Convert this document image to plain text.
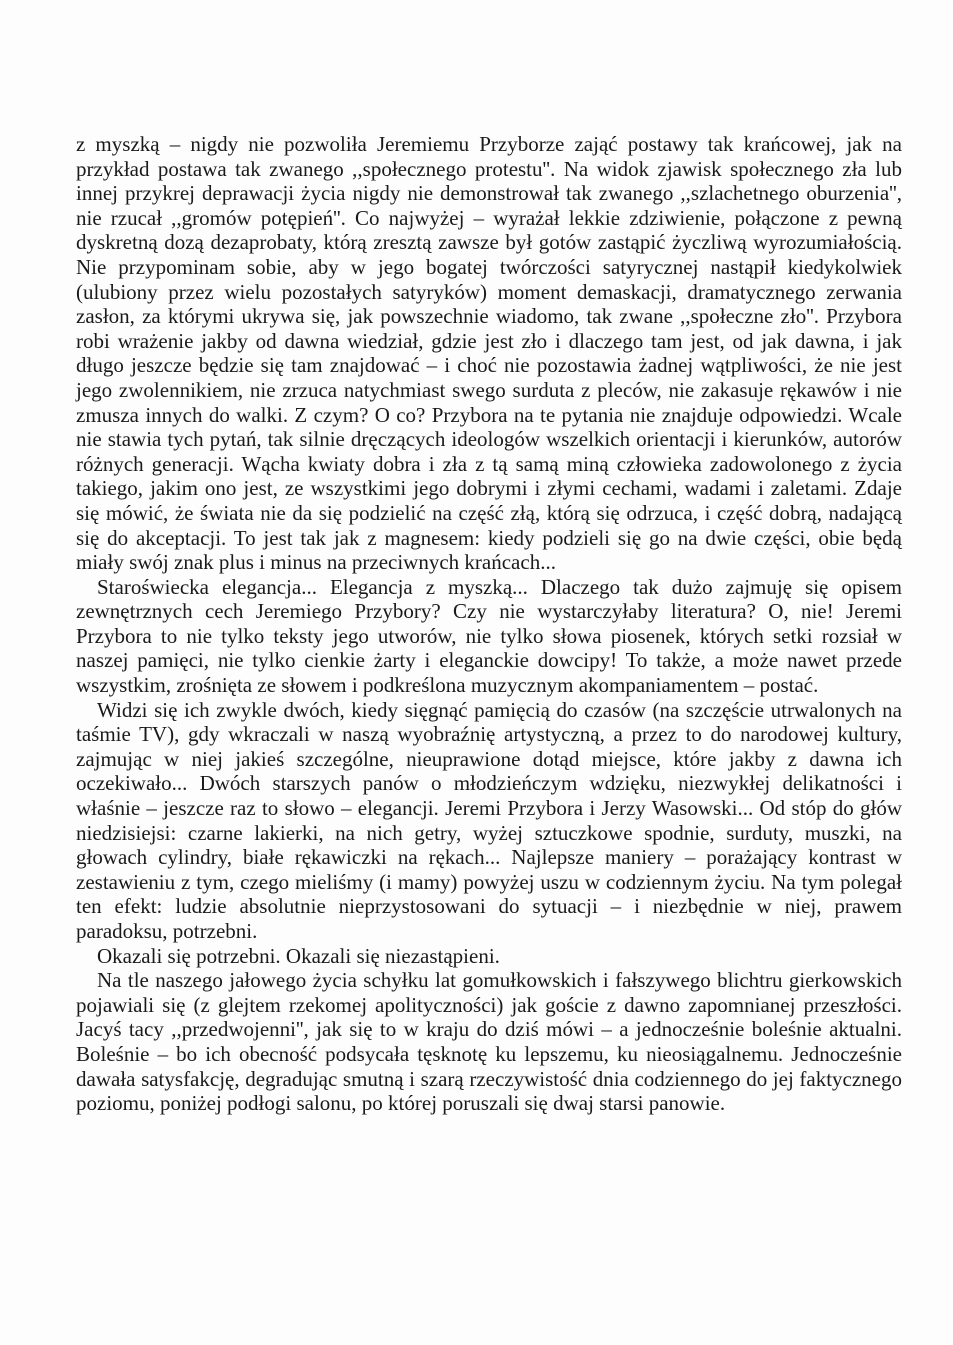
z myszką – nigdy nie pozwoliła Jeremiemu Przyborze zająć postawy tak krańcowej, jak na przykład postawa tak zwanego ,,społecznego protestu''. Na widok zjawisk społecznego zła lub innej przykrej deprawacji życia nigdy nie demonstrował tak zwanego ,,szlachetnego oburzenia'', nie rzucał ,,gromów potępień''. Co najwyżej – wyrażał lekkie zdziwienie, połączone z pewną dyskretną dozą dezaprobaty, którą zresztą zawsze był gotów zastąpić życzliwą wyrozumiałością. Nie przypominam sobie, aby w jego bogatej twórczości satyrycznej nastąpił kiedykolwiek (ulubiony przez wielu pozostałych satyryków) moment demaskacji, dramatycznego zerwania zasłon, za którymi ukrywa się, jak powszechnie wiadomo, tak zwane ,,społeczne zło''. Przybora robi wrażenie jakby od dawna wiedział, gdzie jest zło i dlaczego tam jest, od jak dawna, i jak długo jeszcze będzie się tam znajdować – i choć nie pozostawia żadnej wątpliwości, że nie jest jego zwolennikiem, nie zrzuca natychmiast swego surduta z pleców, nie zakasuje rękawów i nie zmusza innych do walki. Z czym? O co? Przybora na te pytania nie znajduje odpowiedzi. Wcale nie stawia tych pytań, tak silnie dręczących ideologów wszelkich orientacji i kierunków, autorów różnych generacji. Wącha kwiaty dobra i zła z tą samą miną człowieka zadowolonego z życia takiego, jakim ono jest, ze wszystkimi jego dobrymi i złymi cechami, wadami i zaletami. Zdaje się mówić, że świata nie da się podzielić na część złą, którą się odrzuca, i część dobrą, nadającą się do akceptacji. To jest tak jak z magnesem: kiedy podzieli się go na dwie części, obie będą miały swój znak plus i minus na przeciwnych krańcach...

Staroświecka elegancja... Elegancja z myszką... Dlaczego tak dużo zajmuję się opisem zewnętrznych cech Jeremiego Przybory? Czy nie wystarczyłaby literatura? O, nie! Jeremi Przybora to nie tylko teksty jego utworów, nie tylko słowa piosenek, których setki rozsiał w naszej pamięci, nie tylko cienkie żarty i eleganckie dowcipy! To także, a może nawet przede wszystkim, zrośnięta ze słowem i podkreślona muzycznym akompaniamentem – postać.

Widzi się ich zwykle dwóch, kiedy sięgnąć pamięcią do czasów (na szczęście utrwalonych na taśmie TV), gdy wkraczali w naszą wyobraźnię artystyczną, a przez to do narodowej kultury, zajmując w niej jakieś szczególne, nieuprawione dotąd miejsce, które jakby z dawna ich oczekiwało... Dwóch starszych panów o młodzieńczym wdzięku, niezwykłej delikatności i właśnie – jeszcze raz to słowo – elegancji. Jeremi Przybora i Jerzy Wasowski... Od stóp do głów niedzisiejsi: czarne lakierki, na nich getry, wyżej sztuczkowe spodnie, surduty, muszki, na głowach cylindry, białe rękawiczki na rękach... Najlepsze maniery – porażający kontrast w zestawieniu z tym, czego mieliśmy (i mamy) powyżej uszu w codziennym życiu. Na tym polegał ten efekt: ludzie absolutnie nieprzystosowani do sytuacji – i niezbędnie w niej, prawem paradoksu, potrzebni.

Okazali się potrzebni. Okazali się niezastąpieni.

Na tle naszego jałowego życia schyłku lat gomułkowskich i fałszywego blichtru gierkowskich pojawiali się (z glejtem rzekomej apolityczności) jak goście z dawno zapomnianej przeszłości. Jacyś tacy ,,przedwojenni'', jak się to w kraju do dziś mówi – a jednocześnie boleśnie aktualni. Boleśnie – bo ich obecność podsycała tęsknotę ku lepszemu, ku nieosiągalnemu. Jednocześnie dawała satysfakcję, degradując smutną i szarą rzeczywistość dnia codziennego do jej faktycznego poziomu, poniżej podłogi salonu, po której poruszali się dwaj starsi panowie.
